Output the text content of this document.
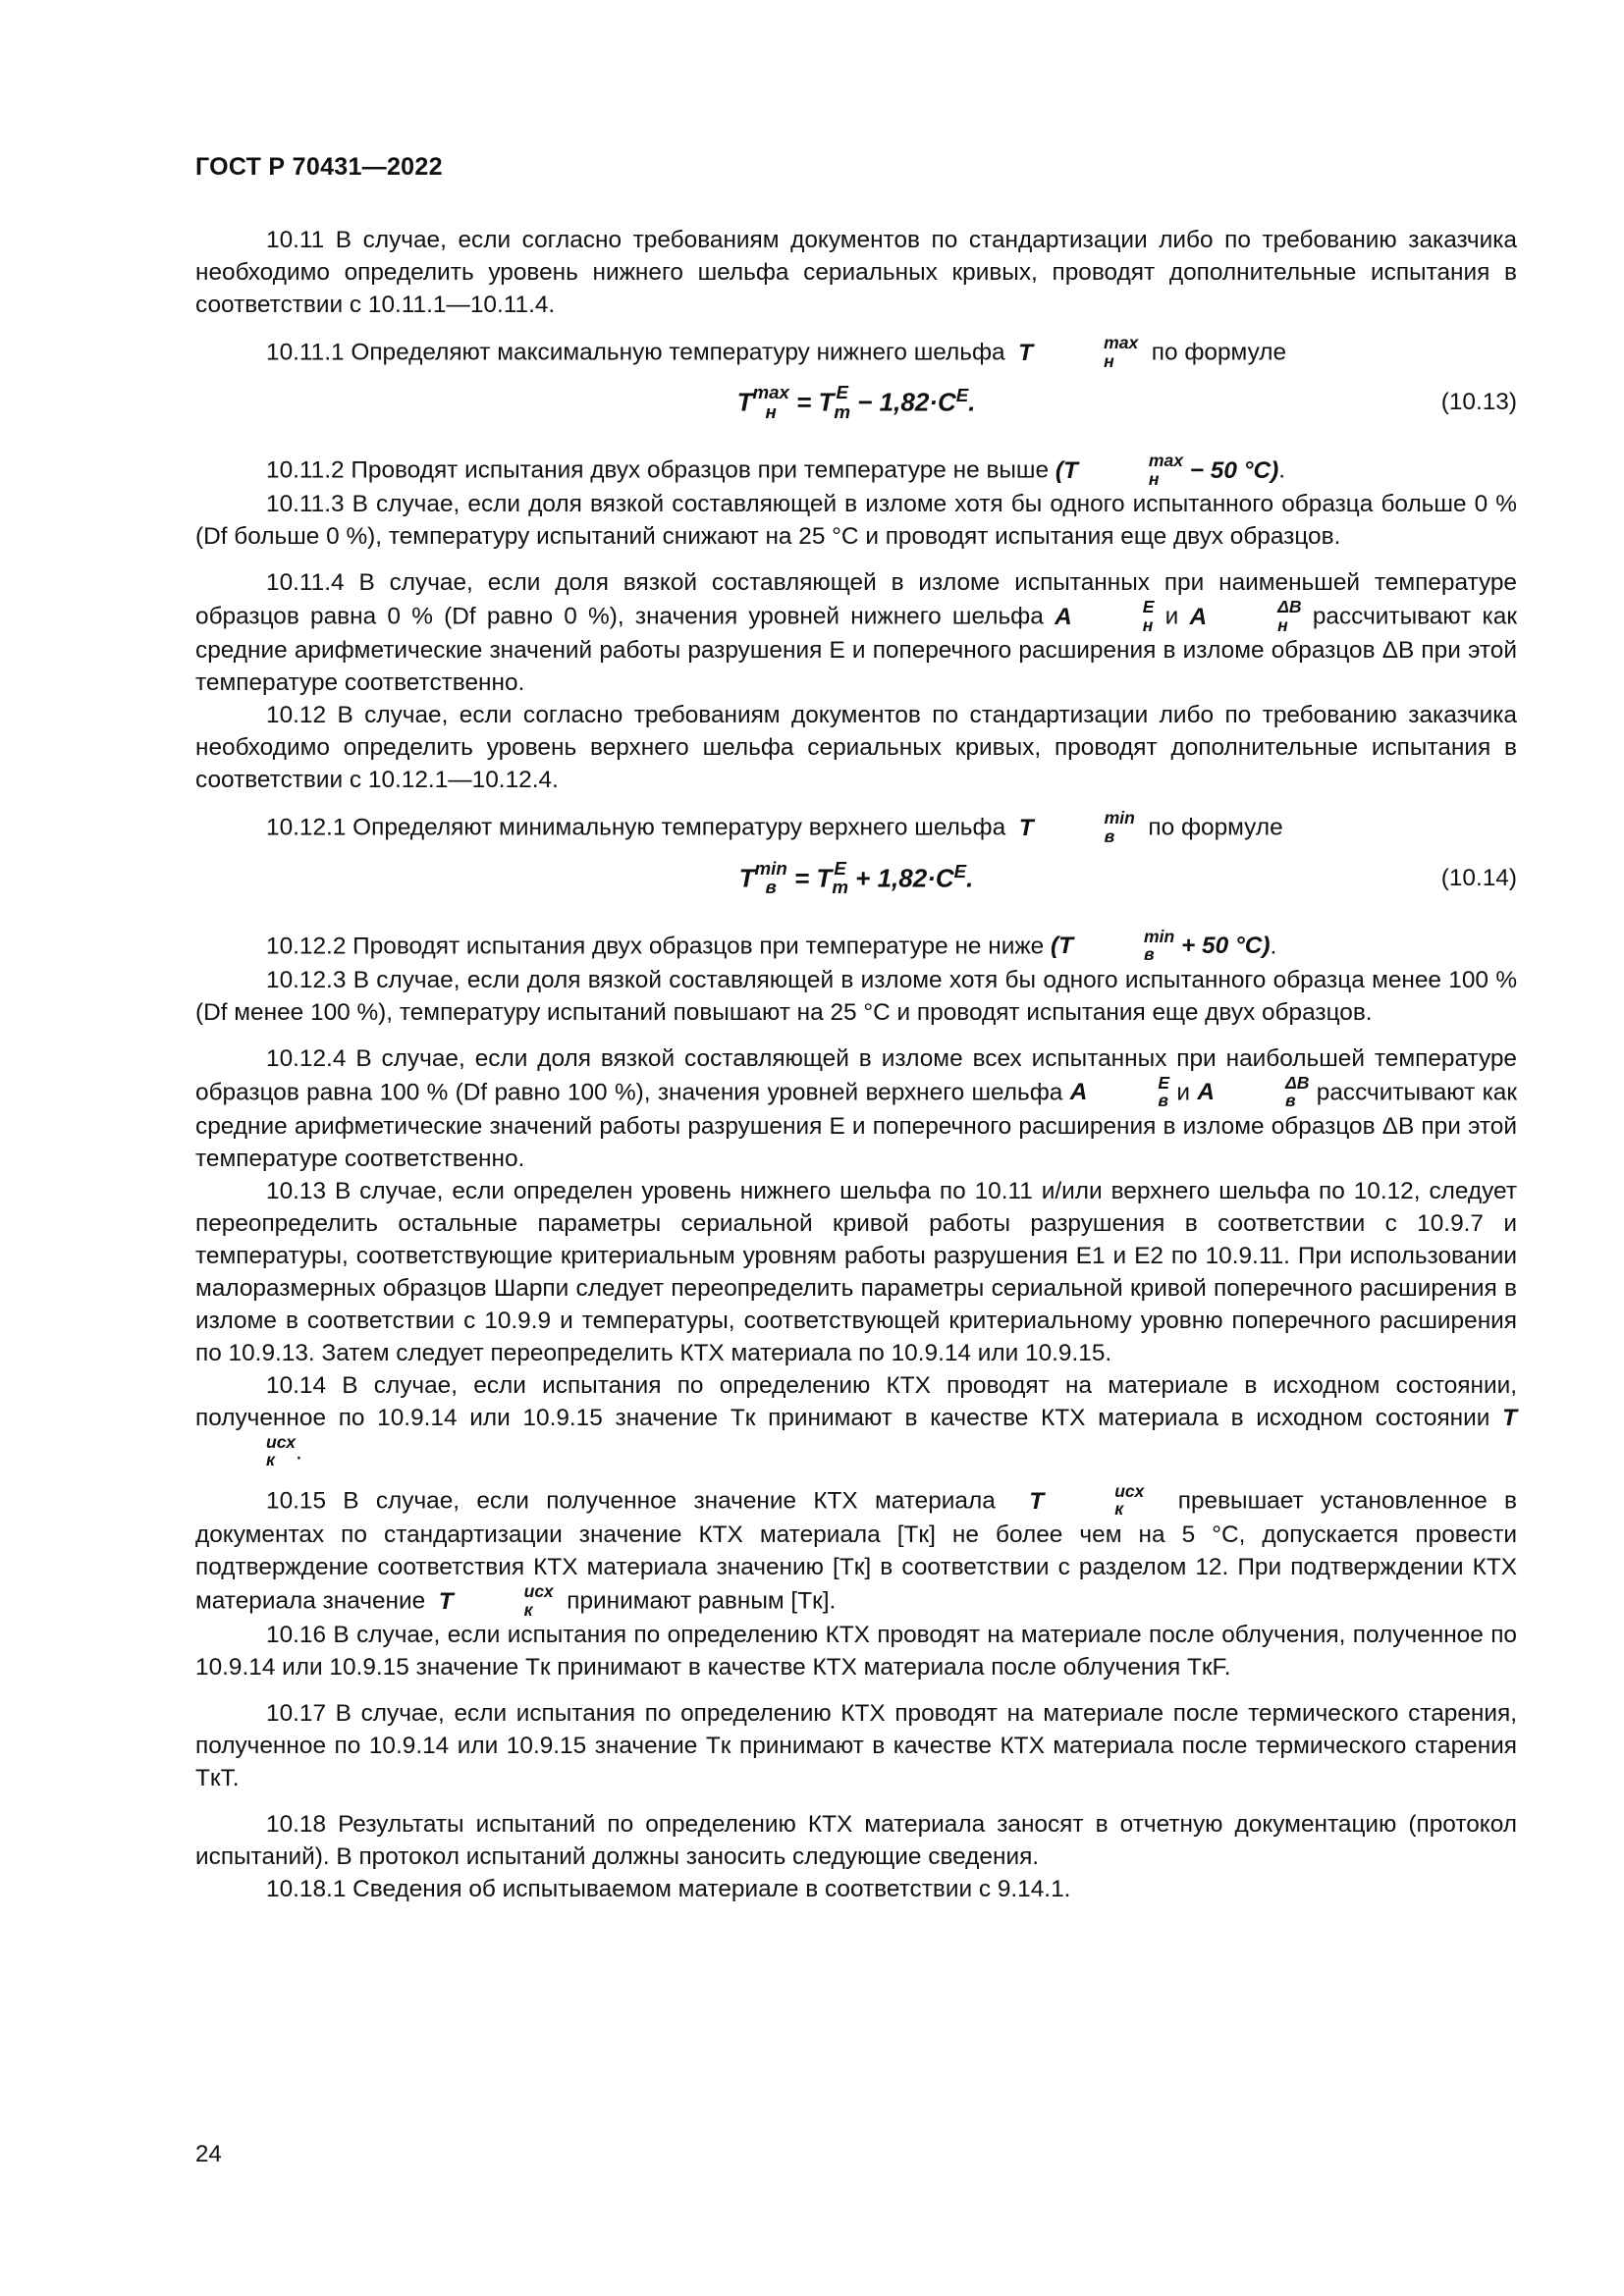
ГОСТ Р 70431—2022

10.11 В случае, если согласно требованиям документов по стандартизации либо по требованию заказчика необходимо определить уровень нижнего шельфа сериальных кривых, проводят дополнительные испытания в соответствии с 10.11.1—10.11.4.

10.11.1 Определяют максимальную температуру нижнего шельфа  T	max
н	по формуле

T max
н = T E
$m - 1,82\cdot C^E$.	(10.13)

10.11.2 Проводят испытания двух образцов при температуре не выше (T	max
н	− 50 °C).

10.11.3 В случае, если доля вязкой составляющей в изломе хотя бы одного испытанного образца больше 0 % (Df больше 0 %), температуру испытаний снижают на 25 °С и проводят испытания еще двух образцов.

10.11.4 В случае, если доля вязкой составляющей в изломе испытанных при наименьшей температуре образцов равна 0 % (Df равно 0 %), значения уровней нижнего шельфа A	E
н и A	ΔB
н	рассчитывают как средние арифметические значений работы разрушения E и поперечного расширения в изломе образцов ΔB при этой температуре соответственно.

10.12 В случае, если согласно требованиям документов по стандартизации либо по требованию заказчика необходимо определить уровень верхнего шельфа сериальных кривых, проводят дополнительные испытания в соответствии с 10.12.1—10.12.4.

10.12.1 Определяют минимальную температуру верхнего шельфа  T	min
в	по формуле

T min
в = T E
$m + 1,82\cdot C^E$.	(10.14)

10.12.2 Проводят испытания двух образцов при температуре не ниже (T	min
в + 50 °C).

10.12.3 В случае, если доля вязкой составляющей в изломе хотя бы одного испытанного образца менее 100 % (Df менее 100 %), температуру испытаний повышают на 25 °С и проводят испытания еще двух образцов.

10.12.4 В случае, если доля вязкой составляющей в изломе всех испытанных при наибольшей температуре образцов равна 100 % (Df равно 100 %), значения уровней верхнего шельфа A	E
в и A	ΔB
в рассчитывают как средние арифметические значений работы разрушения E и поперечного расширения в изломе образцов ΔB при этой температуре соответственно.

10.13 В случае, если определен уровень нижнего шельфа по 10.11 и/или верхнего шельфа по 10.12, следует переопределить остальные параметры сериальной кривой работы разрушения в соответствии с 10.9.7 и температуры, соответствующие критериальным уровням работы разрушения E1 и E2 по 10.9.11. При использовании малоразмерных образцов Шарпи следует переопределить параметры сериальной кривой поперечного расширения в изломе в соответствии с 10.9.9 и температуры, соответствующей критериальному уровню поперечного расширения по 10.9.13. Затем следует переопределить КТХ материала по 10.9.14 или 10.9.15.

10.14 В случае, если испытания по определению КТХ проводят на материале в исходном состоянии, полученное по 10.9.14 или 10.9.15 значение Tк принимают в качестве КТХ материала в исходном состоянии T
исх
к .

10.15 В случае, если полученное значение КТХ материала  T	исх
к	превышает установленное в документах по стандартизации значение КТХ материала [Tк] не более чем на 5 °С, допускается провести подтверждение соответствия КТХ материала значению [Tк] в соответствии с разделом 12. При подтверждении КТХ материала значение  T	исх
к	принимают равным [Tк].

10.16 В случае, если испытания по определению КТХ проводят на материале после облучения, полученное по 10.9.14 или 10.9.15 значение Tк принимают в качестве КТХ материала после облучения TкF.

10.17 В случае, если испытания по определению КТХ проводят на материале после термического старения, полученное по 10.9.14 или 10.9.15 значение Tк принимают в качестве КТХ материала после термического старения TкT.

10.18 Результаты испытаний по определению КТХ материала заносят в отчетную документацию (протокол испытаний). В протокол испытаний должны заносить следующие сведения.

10.18.1 Сведения об испытываемом материале в соответствии с 9.14.1.

24
